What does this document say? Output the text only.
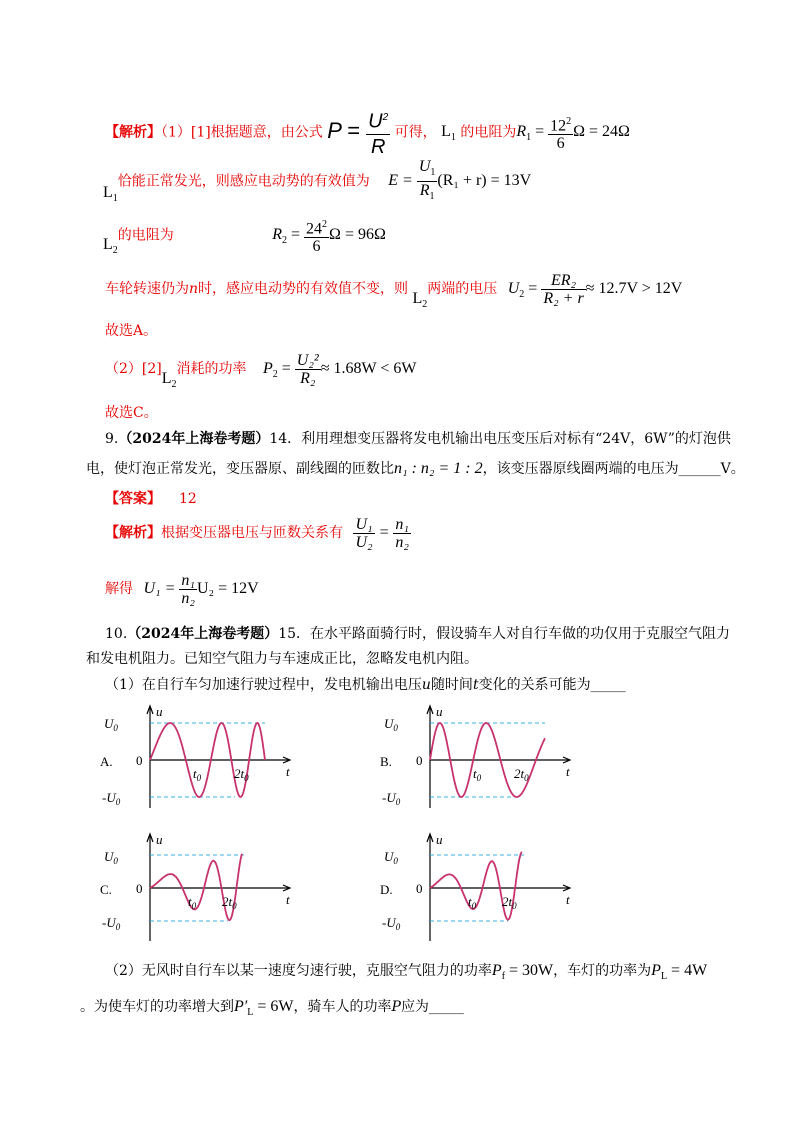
【解析】（1）[1]根据题意，由公式 $P = \frac{U^2}{R}$ 可得， $L_1$ 的电阻为$R_1 = \frac{12^2}{6}$ Ω = 24Ω
$L_1$恰能正常发光，则感应电动势的有效值为 $E = \frac{U_1}{R_1} (R_1 + r) = 13V$
$L_2$的电阻为	$R_2 = \frac{24^2}{6}$ Ω = 96Ω
车轮转速仍为n时，感应电动势的有效值不变，则 $L_2$两端的电压 $U_2 = \frac{\text{ER₂}}{\text{R₂ + r}} \approx 12.7V > 12V$
故选A。
$(2)[2]L_2$消耗的功率 $P_2 = \frac{\text{U₂²}}{\text{R₂}} \approx 1.68W < 6W$
故选C。
9.（2024年上海卷考题）14．利用理想变压器将发电机输出电压变压后对标有“24V，6W”的灯泡供
电，使灯泡正常发光，变压器原、副线圈的匝数比n₁ : n₂ = 1 : 2，该变压器原线圈两端的电压为______V。
【答案】 12
【解析】根据变压器电压与匝数关系有 $\frac{\text{U₁}}{\text{U₂}} = \frac{\text{n₁}}{\text{n₂}}$
解得 $U_1 = \frac{\text{n₁}}{\text{n₂}} U_2 = 12V$
10.（2024年上海卷考题）15．在水平路面骑行时，假设骑车人对自行车做的功仅用于克服空气阻力
和发电机阻力。已知空气阻力与车速成正比，忽略发电机内阻。
（1）在自行车匀加速行驶过程中，发电机输出电压u随时间t变化的关系可能为_____
u
t
A. 0
$U_0$
$-U_0$
$t_0$	$2t_0$
u
t
B. 0
$U_0$
$-U_0$
$t_0$	$2t_0$
u
t
C. 0
$U_0$
$-U_0$
$t_0$ $2t_0$
u
t
D. 0
$U_0$
$-U_0$
$t_0$ $2t_0$
（2）无风时自行车以某一速度匀速行驶，克服空气阻力的功率$P_f = 30W$，车灯的功率为$P_L = 4W$
。为使车灯的功率增大到$P'_L = 6W$，骑车人的功率P应为_____
